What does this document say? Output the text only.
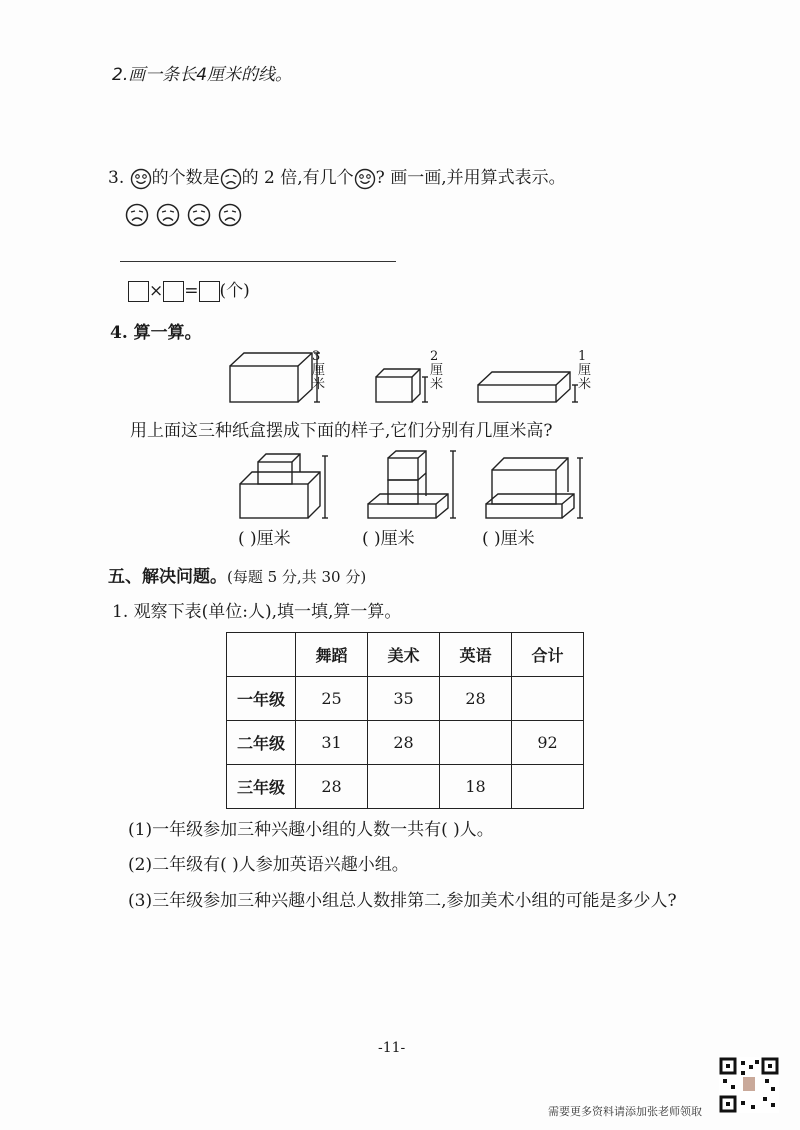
2.画一条长4厘米的线。
3. 的个数是 的 2 倍,有几个 ? 画一画,并用算式表示。
× = (个)
4. 算一算。
3厘米
2厘米
1厘米
用上面这三种纸盒摆成下面的样子,它们分别有几厘米高?
( )厘米	( )厘米	( )厘米
五、解决问题。(每题 5 分,共 30 分)
1. 观察下表(单位:人),填一填,算一算。
	舞蹈	美术	英语	合计
一年级	25	35	28	
二年级	31	28		92
三年级	28		18	
(1)一年级参加三种兴趣小组的人数一共有( )人。
(2)二年级有( )人参加英语兴趣小组。
(3)三年级参加三种兴趣小组总人数排第二,参加美术小组的可能是多少人?
-11-
需要更多资料请添加张老师领取
